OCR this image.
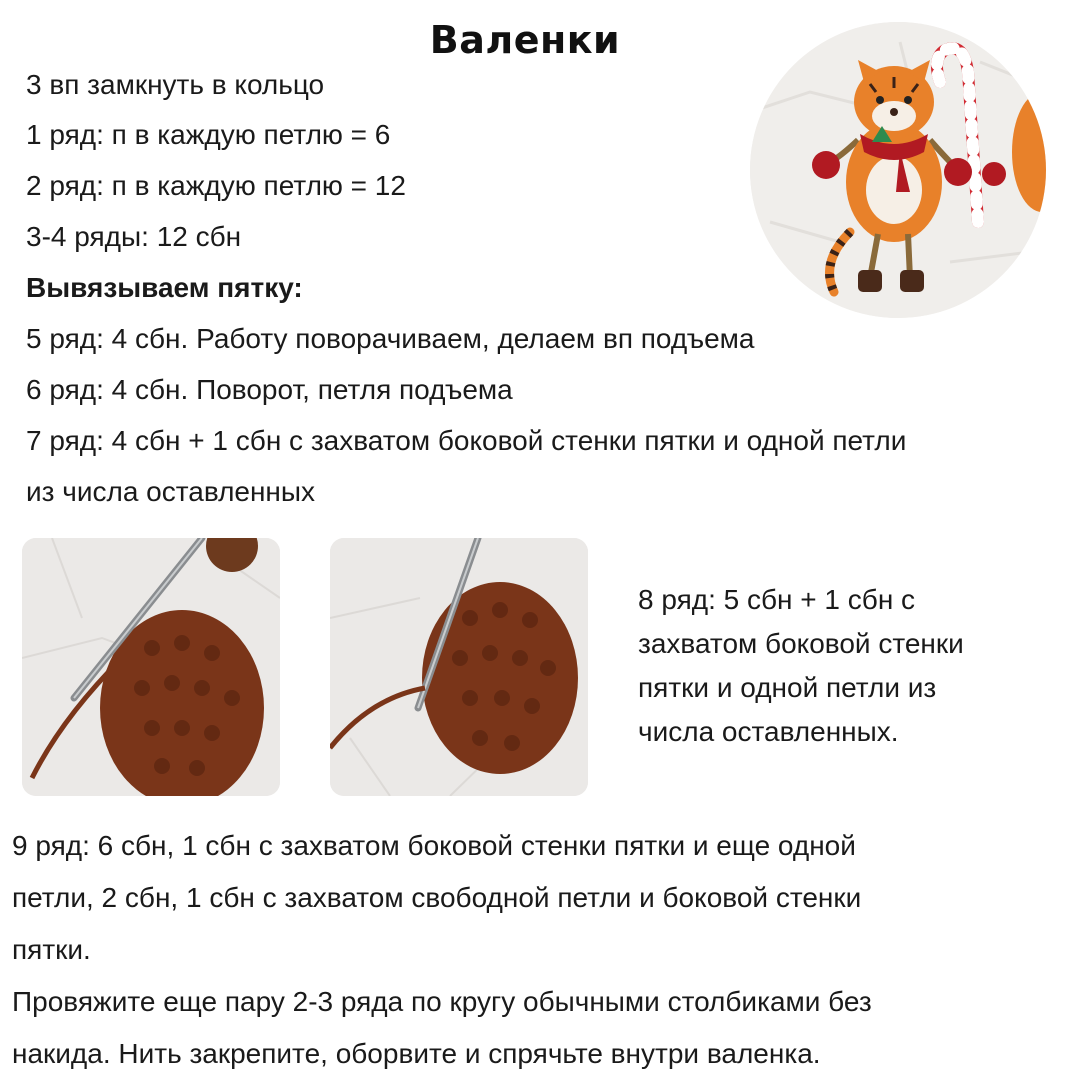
Валенки
3 вп замкнуть в кольцо
1 ряд: п в каждую петлю = 6
2 ряд: п в каждую петлю = 12
3-4 ряды: 12 сбн
Вывязываем пятку:
5 ряд: 4 сбн. Работу поворачиваем, делаем вп подъема
6 ряд: 4 сбн. Поворот, петля подъема
7 ряд: 4 сбн + 1 сбн с захватом боковой стенки пятки и одной петли
из числа оставленных
8 ряд: 5 сбн + 1 сбн с
захватом боковой стенки
пятки и одной петли из
числа оставленных.
9 ряд: 6 сбн, 1 сбн с захватом боковой стенки пятки и еще одной
петли, 2 сбн, 1 сбн с захватом свободной петли и боковой стенки
пятки.
Провяжите еще пару 2-3 ряда по кругу обычными столбиками без
накида. Нить закрепите, оборвите и спрячьте внутри валенка.
